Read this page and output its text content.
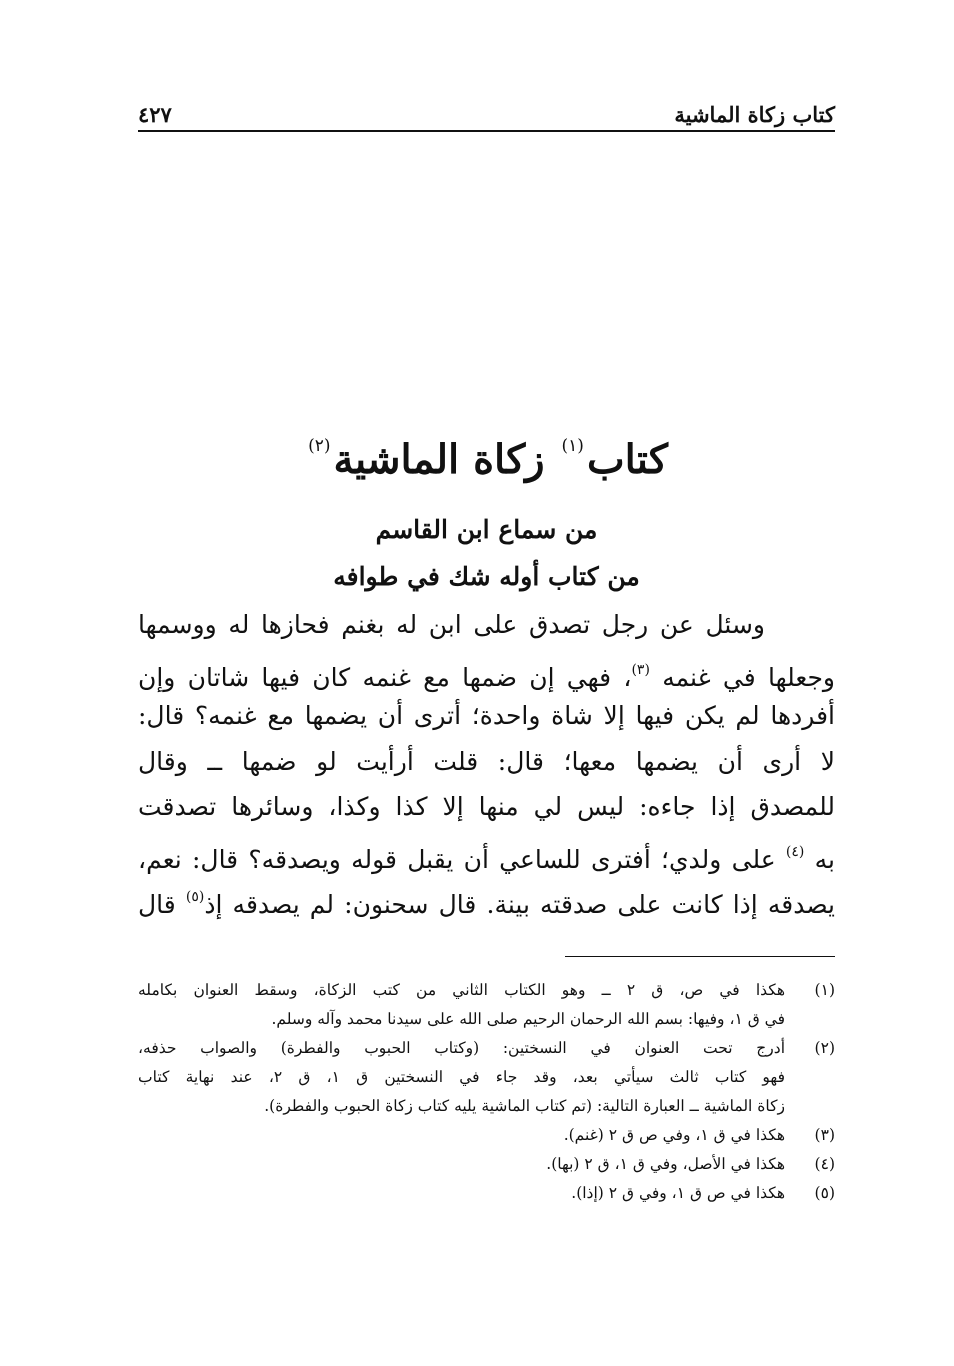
كتاب زكاة الماشية
٤٢٧
كتاب$^{(١)}$ زكاة الماشية$^{(٢)}$
من سماع ابن القاسم
من كتاب أوله شك في طوافه
وسئل عن رجل تصدق على ابن له بغنم فحازها له ووسمها
وجعلها في غنمه $^{(٣)}$، فهي إن ضمها مع غنمه كان فيها شاتان وإن
أفردها لم يكن فيها إلا شاة واحدة؛ أترى أن يضمها مع غنمه؟ قال:
لا أرى أن يضمها معها؛ قال: قلت أرأيت لو ضمها ــ وقال
للمصدق إذا جاءه: ليس لي منها إلا كذا وكذا، وسائرها تصدقت
به $^{(٤)}$ على ولدي؛ أفترى للساعي أن يقبل قوله ويصدقه؟ قال: نعم،
يصدقه إذا كانت على صدقته بينة. قال سحنون: لم يصدقه إذ$^{(٥)}$ قال
(١)
هكذا في ص، ق ٢ ــ وهو الكتاب الثاني من كتب الزكاة، وسقط العنوان بكامله
في ق ١، وفيها: بسم الله الرحمان الرحيم صلى الله على سيدنا محمد وآله وسلم.
(٢)
أدرج تحت العنوان في النسختين: (وكتاب الحبوب والفطرة) والصواب حذفه،
فهو كتاب ثالث سيأتي بعد، وقد جاء في النسختين ق ١، ق ٢، عند نهاية كتاب
زكاة الماشية ــ العبارة التالية: (تم كتاب الماشية يليه كتاب زكاة الحبوب والفطرة).
(٣)
هكذا في ق ١، وفي ص ق ٢ (غنم).
(٤)
هكذا في الأصل، وفي ق ١، ق ٢ (بها).
(٥)
هكذا في ص ق ١، وفي ق ٢ (إذا).
